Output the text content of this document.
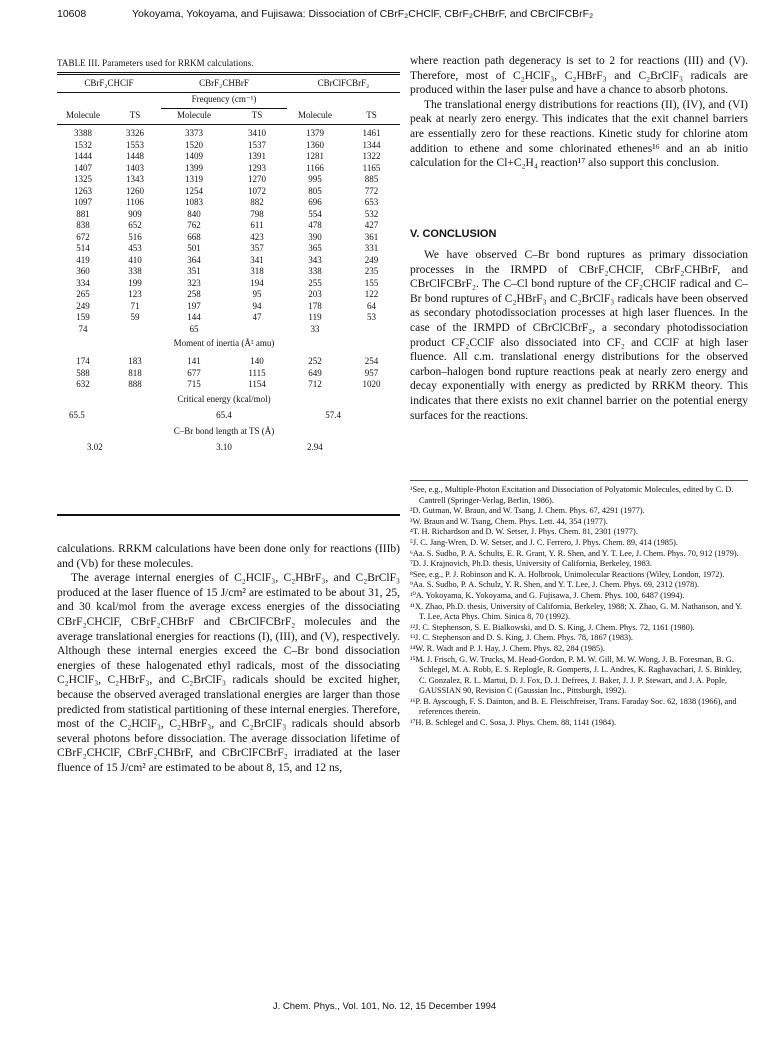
10608	Yokoyama, Yokoyama, and Fujisawa: Dissociation of CBrF₂CHClF, CBrF₂CHBrF, and CBrClFCBrF₂
TABLE III. Parameters used for RRKM calculations.
CBrF₂CHClF		CBrF₂CHBrF		CBrClFCBrF₂	
		Frequency (cm⁻¹)			
Molecule	TS	Molecule	TS	Molecule	TS

3388	3326	3373	3410	1379	1461
1532	1553	1520	1537	1360	1344
1444	1448	1409	1391	1281	1322
1407	1403	1399	1293	1166	1165
1325	1343	1319	1270	995	885
1263	1260	1254	1072	805	772
1097	1106	1083	882	696	653
881	909	840	798	554	532
838	652	762	611	478	427
672	516	668	423	390	361
514	453	501	357	365	331
419	410	364	341	343	249
360	338	351	318	338	235
334	199	323	194	255	155
265	123	258	95	203	122
249	71	197	94	178	64
159	59	144	47	119	53
74		65		33	
		Moment of inertia (Å² amu)			

174	183	141	140	252	254
588	818	677	1115	649	957
632	888	715	1154	712	1020
		Critical energy (kcal/mol)			
65.5		65.4		57.4	
		C–Br bond length at TS (Å)			
3.02		3.10		2.94	

calculations. RRKM calculations have been done only for reactions (IIIb) and (Vb) for these molecules.

The average internal energies of C₂HClF₃, C₂HBrF₃, and C₂BrClF₃ produced at the laser fluence of 15 J/cm² are estimated to be about 31, 25, and 30 kcal/mol from the average excess energies of the dissociating CBrF₂CHClF, CBrF₂CHBrF and CBrClFCBrF₂ molecules and the average translational energies for reactions (I), (III), and (V), respectively. Although these internal energies exceed the C–Br bond dissociation energies of these halogenated ethyl radicals, most of the dissociating C₂HClF₃, C₂HBrF₃, and C₂BrClF₃ radicals should be excited higher, because the observed averaged translational energies are larger than those predicted from statistical partitioning of these internal energies. Therefore, most of the C₂HClF₃, C₂HBrF₃, and C₂BrClF₃ radicals should absorb several photons before dissociation. The average dissociation lifetime of CBrF₂CHClF, CBrF₂CHBrF, and CBrClFCBrF₂ irradiated at the laser fluence of 15 J/cm² are estimated to be about 8, 15, and 12 ns,

where reaction path degeneracy is set to 2 for reactions (III) and (V). Therefore, most of C₂HClF₃, C₂HBrF₃ and C₂BrClF₃ radicals are produced within the laser pulse and have a chance to absorb photons.

The translational energy distributions for reactions (II), (IV), and (VI) peak at nearly zero energy. This indicates that the exit channel barriers are essentially zero for these reactions. Kinetic study for chlorine atom addition to ethene and some chlorinated ethenes¹⁶ and an ab initio calculation for the Cl+C₂H₄ reaction¹⁷ also support this conclusion.

V. CONCLUSION

We have observed C–Br bond ruptures as primary dissociation processes in the IRMPD of CBrF₂CHClF, CBrF₂CHBrF, and CBrClFCBrF₂. The C–Cl bond rupture of the CF₂CHClF radical and C–Br bond ruptures of C₂HBrF₃ and C₂BrClF₃ radicals have been observed as secondary photodissociation processes at high laser fluences. In the case of the IRMPD of CBrClCBrF₂, a secondary photodissociation product CF₂CClF also dissociated into CF₂ and CClF at high laser fluence. All c.m. translational energy distributions for the observed carbon–halogen bond rupture reactions peak at nearly zero energy and decay exponentially with energy as predicted by RRKM theory. This indicates that there exists no exit channel barrier on the potential energy surfaces for the reactions.

¹See, e.g., Multiple-Photon Excitation and Dissociation of Polyatomic Molecules, edited by C. D. Cantrell (Springer-Verlag, Berlin, 1986).

²D. Gutman, W. Braun, and W. Tsang, J. Chem. Phys. 67, 4291 (1977).

³W. Braun and W. Tsang, Chem. Phys. Lett. 44, 354 (1977).

⁴T. H. Richardson and D. W. Setser, J. Phys. Chem. 81, 2301 (1977).

⁵J. C. Jang-Wren, D. W. Setser, and J. C. Ferrero, J. Phys. Chem. 89, 414 (1985).

⁶Aa. S. Sudbo, P. A. Schults, E. R. Grant, Y. R. Shen, and Y. T. Lee, J. Chem. Phys. 70, 912 (1979).

⁷D. J. Krajnovich, Ph.D. thesis, University of California, Berkeley, 1983.

⁸See, e.g., P. J. Robinson and K. A. Holbrook, Unimolecular Reactions (Wiley, London, 1972).

⁹Aa. S. Sudbo, P. A. Schulz, Y. R. Shen, and Y. T. Lee, J. Chem. Phys. 69, 2312 (1978).

¹⁰A. Yokoyama, K. Yokoyama, and G. Fujisawa, J. Chem. Phys. 100, 6487 (1994).

¹¹X. Zhao, Ph.D. thesis, University of California, Berkeley, 1988; X. Zhao, G. M. Nathanson, and Y. T. Lee, Acta Phys. Chim. Sinica 8, 70 (1992).

¹²J. C. Stephenson, S. E. Bialkowski, and D. S. King, J. Chem. Phys. 72, 1161 (1980).

¹³J. C. Stephenson and D. S. King, J. Chem. Phys. 78, 1867 (1983).

¹⁴W. R. Wadt and P. J. Hay, J. Chem. Phys. 82, 284 (1985).

¹⁵M. J. Frisch, G. W. Trucks, M. Head-Gordon, P. M. W. Gill, M. W. Wong, J. B. Foresman, B. G. Schlegel, M. A. Robb, E. S. Replogle, R. Gomperts, J. L. Andres, K. Raghavachari, J. S. Binkley, C. Gonzalez, R. L. Martui, D. J. Fox, D. J. Defrees, J. Baker, J. J. P. Stewart, and J. A. Pople, GAUSSIAN 90, Revision C (Gaussian Inc., Pittsburgh, 1992).

¹⁶P. B. Ayscough, F. S. Dainton, and B. E. Fleischfreiser, Trans. Faraday Soc. 62, 1838 (1966), and references therein.

¹⁷H. B. Schlegel and C. Sosa, J. Phys. Chem. 88, 1141 (1984).

J. Chem. Phys., Vol. 101, No. 12, 15 December 1994
